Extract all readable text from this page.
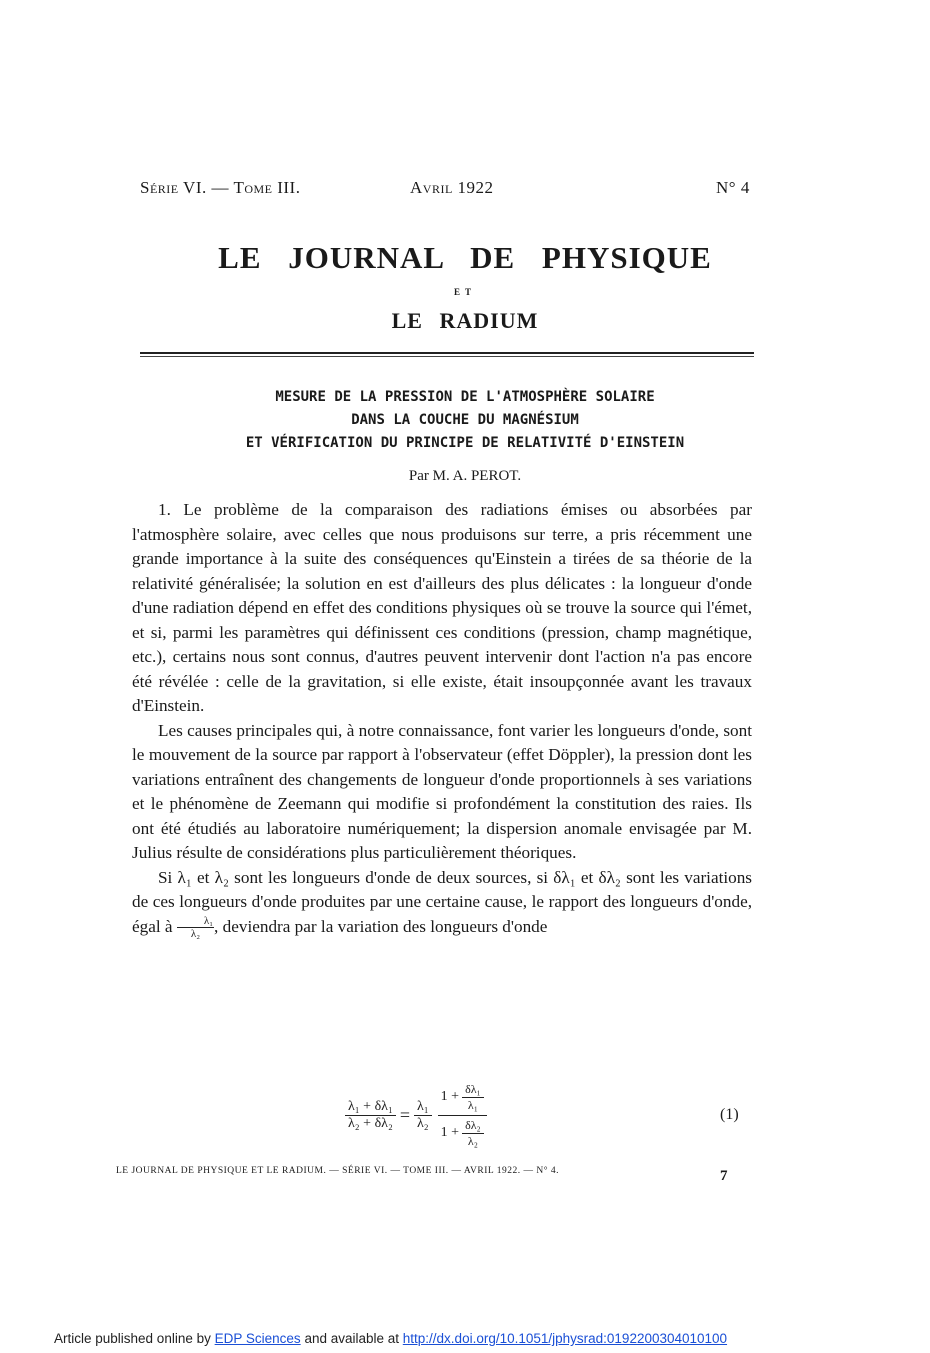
Série VI. — Tome III.	Avril 1922	N° 4
LE JOURNAL DE PHYSIQUE
ET
LE RADIUM
MESURE DE LA PRESSION DE L'ATMOSPHÈRE SOLAIRE
DANS LA COUCHE DU MAGNÉSIUM
ET VÉRIFICATION DU PRINCIPE DE RELATIVITÉ D'EINSTEIN
Par M. A. PEROT.

1. Le problème de la comparaison des radiations émises ou absorbées par l'atmosphère solaire, avec celles que nous produisons sur terre, a pris récemment une grande importance à la suite des conséquences qu'Einstein a tirées de sa théorie de la relativité généralisée; la solution en est d'ailleurs des plus délicates : la longueur d'onde d'une radiation dépend en effet des conditions physiques où se trouve la source qui l'émet, et si, parmi les paramètres qui définissent ces conditions (pression, champ magnétique, etc.), certains nous sont connus, d'autres peuvent intervenir dont l'action n'a pas encore été révélée : celle de la gravitation, si elle existe, était insoupçonnée avant les travaux d'Einstein.

Les causes principales qui, à notre connaissance, font varier les longueurs d'onde, sont le mouvement de la source par rapport à l'observateur (effet Döppler), la pression dont les variations entraînent des changements de longueur d'onde proportionnels à ses variations et le phénomène de Zeemann qui modifie si profondément la constitution des raies. Ils ont été étudiés au laboratoire numériquement; la dispersion anomale envisagée par M. Julius résulte de considérations plus particulièrement théoriques.

Si λ₁ et λ₂ sont les longueurs d'onde de deux sources, si δλ₁ et δλ₂ sont les variations de ces longueurs d'onde produites par une certaine cause, le rapport des longueurs d'onde, égal à $\frac{\text{λ₁}}{\text{λ₂}}$, deviendra par la variation des longueurs d'onde

$\frac{\text{λ₁ + δλ₁}}{\text{λ₂ + δλ₂}} = \frac{\text{λ₁}}{\text{λ₂}} \frac{1 + \frac{\text{δλ₁}}{\text{λ₁}}}{1 + \frac{\text{δλ₂}}{\text{λ₂}}}$	(1)
LE JOURNAL DE PHYSIQUE ET LE RADIUM. — SÉRIE VI. — TOME III. — AVRIL 1922. — N° 4.	7
Article published online by EDP Sciences and available at http://dx.doi.org/10.1051/jphysrad:0192200304010100
